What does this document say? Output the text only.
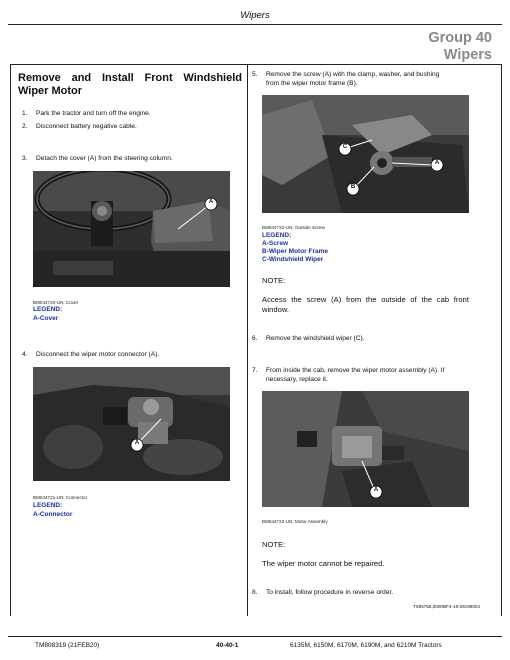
Wipers
Group 40
Wipers
Remove and Install Front Windshield Wiper Motor
1. Park the tractor and turn off the engine.
2. Disconnect battery negative cable.
3. Detach the cover (A) from the steering column.
A
BM044720-UN: Cover
LEGEND:
A-Cover
4. Disconnect the wiper motor connector (A).
A
BM044721-UN: Connector
LEGEND:
A-Connector
5. Remove the screw (A) with the clamp, washer, and bushing
from the wiper motor frame (B).
C
B
A
BM044722-UN: Outside Screw
LEGEND:
A-Screw
B-Wiper Motor Frame
C-Windshield Wiper
NOTE:
Access the screw (A) from the outside of the cab front window.
6. Remove the windshield wiper (C).
7. From inside the cab, remove the wiper motor assembly (A). If
necessary, replace it.
A
BM044723-UN: Motor Assembly
NOTE:
The wiper motor cannot be repaired.
8. To install, follow procedure in reverse order.
TS95758,0000BF4-19-29199004
TM808319 (21FEB20)	40-40-1	6135M, 6150M, 6170M, 6190M, and 6210M Tractors
